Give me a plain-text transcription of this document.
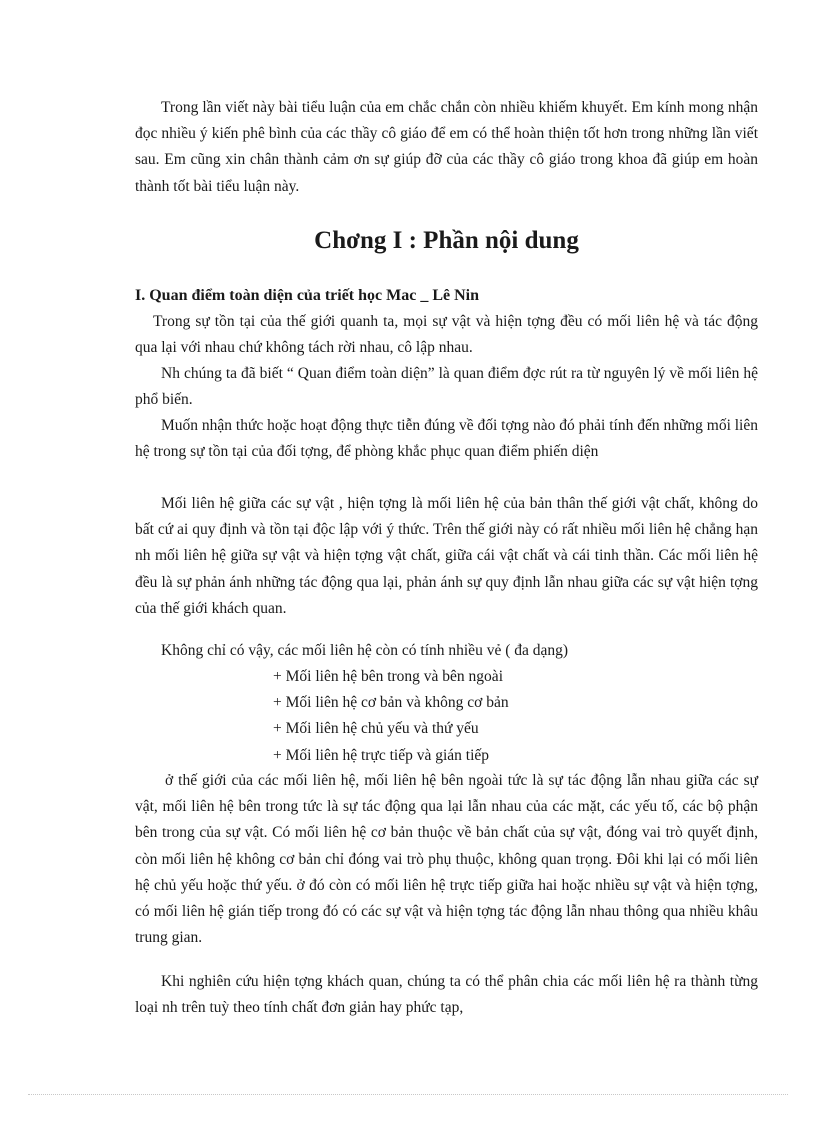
Trong lần viết này bài tiểu luận của em chắc chắn còn nhiều khiếm khuyết. Em kính mong nhận đọc nhiều ý kiến phê bình của các thầy cô giáo để em có thể hoàn thiện tốt hơn trong những lần viết sau. Em cũng xin chân thành cảm ơn sự giúp đỡ của các thầy cô giáo trong khoa đã giúp em hoàn thành tốt bài tiểu luận này.

Chơng I : Phần nội dung
I. Quan điểm toàn diện của triết học Mac _ Lê Nin

Trong sự tồn tại của thế giới quanh ta, mọi sự vật và hiện tợng đều có mối liên hệ và tác động qua lại với nhau chứ không tách rời nhau, cô lập nhau.

Nh chúng ta đã biết “ Quan điểm toàn diện” là quan điểm đợc rút ra từ nguyên lý về mối liên hệ phổ biến.

Muốn nhận thức hoặc hoạt động thực tiễn đúng về đối tợng nào đó phải tính đến những mối liên hệ trong sự tồn tại của đối tợng, để phòng khắc phục quan điểm phiến diện

Mối liên hệ giữa các sự vật , hiện tợng là mối liên hệ của bản thân thế giới vật chất, không do bất cứ ai quy định và tồn tại độc lập với ý thức. Trên thế giới này có rất nhiều mối liên hệ chẳng hạn nh mối liên hệ giữa sự vật và hiện tợng vật chất, giữa cái vật chất và cái tinh thần. Các mối liên hệ đều là sự phản ánh những tác động qua lại, phản ánh sự quy định lẫn nhau giữa các sự vật hiện tợng của thế giới khách quan.

Không chỉ có vậy, các mối liên hệ còn có tính nhiều vẻ ( đa dạng)

+ Mối liên hệ bên trong và bên ngoài
+ Mối liên hệ cơ bản và không cơ bản
+ Mối liên hệ chủ yếu và thứ yếu
+ Mối liên hệ trực tiếp và gián tiếp

ở thế giới của các mối liên hệ, mối liên hệ bên ngoài tức là sự tác động lẫn nhau giữa các sự vật, mối liên hệ bên trong tức là sự tác động qua lại lẫn nhau của các mặt, các yếu tố, các bộ phận bên trong của sự vật. Có mối liên hệ cơ bản thuộc về bản chất của sự vật, đóng vai trò quyết định, còn mối liên hệ không cơ bản chỉ đóng vai trò phụ thuộc, không quan trọng. Đôi khi lại có mối liên hệ chủ yếu hoặc thứ yếu. ở đó còn có mối liên hệ trực tiếp giữa hai hoặc nhiều sự vật và hiện tợng, có mối liên hệ gián tiếp trong đó có các sự vật và hiện tợng tác động lẫn nhau thông qua nhiều khâu trung gian.

Khi nghiên cứu hiện tợng khách quan, chúng ta có thể phân chia các mối liên hệ ra thành từng loại nh trên tuỳ theo tính chất đơn giản hay phức tạp,
